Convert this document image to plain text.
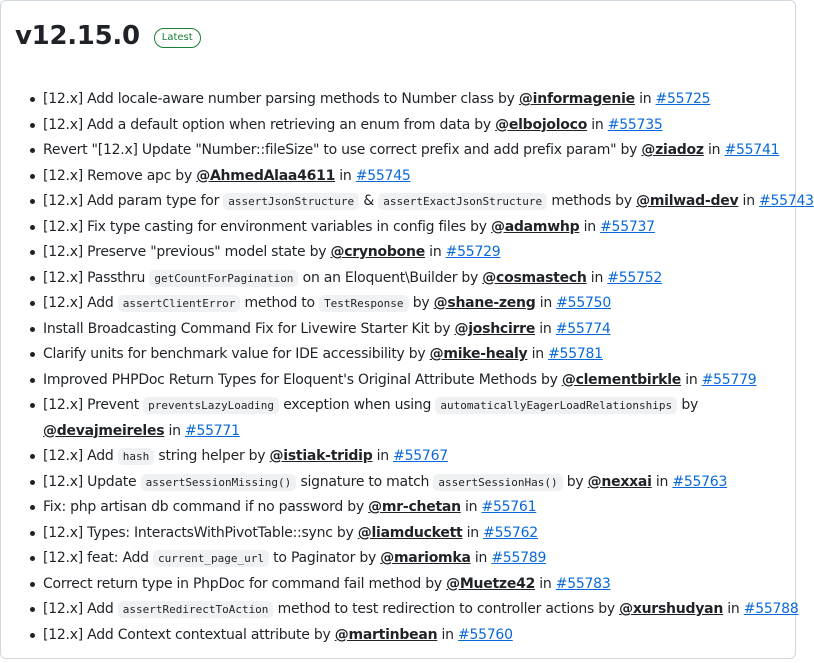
v12.15.0	Latest
[12.x] Add locale-aware number parsing methods to Number class by @informagenie in #55725
[12.x] Add a default option when retrieving an enum from data by @elbojoloco in #55735
Revert "[12.x] Update "Number::fileSize" to use correct prefix and add prefix param" by @ziadoz in #55741
[12.x] Remove apc by @AhmedAlaa4611 in #55745
[12.x] Add param type for assertJsonStructure & assertExactJsonStructure methods by @milwad-dev in #55743
[12.x] Fix type casting for environment variables in config files by @adamwhp in #55737
[12.x] Preserve "previous" model state by @crynobone in #55729
[12.x] Passthru getCountForPagination on an Eloquent\Builder by @cosmastech in #55752
[12.x] Add assertClientError method to TestResponse by @shane-zeng in #55750
Install Broadcasting Command Fix for Livewire Starter Kit by @joshcirre in #55774
Clarify units for benchmark value for IDE accessibility by @mike-healy in #55781
Improved PHPDoc Return Types for Eloquent's Original Attribute Methods by @clementbirkle in #55779
[12.x] Prevent preventsLazyLoading exception when using automaticallyEagerLoadRelationships by @devajmeireles in #55771
[12.x] Add hash string helper by @istiak-tridip in #55767
[12.x] Update assertSessionMissing() signature to match assertSessionHas() by @nexxai in #55763
Fix: php artisan db command if no password by @mr-chetan in #55761
[12.x] Types: InteractsWithPivotTable::sync by @liamduckett in #55762
[12.x] feat: Add current_page_url to Paginator by @mariomka in #55789
Correct return type in PhpDoc for command fail method by @Muetze42 in #55783
[12.x] Add assertRedirectToAction method to test redirection to controller actions by @xurshudyan in #55788
[12.x] Add Context contextual attribute by @martinbean in #55760
